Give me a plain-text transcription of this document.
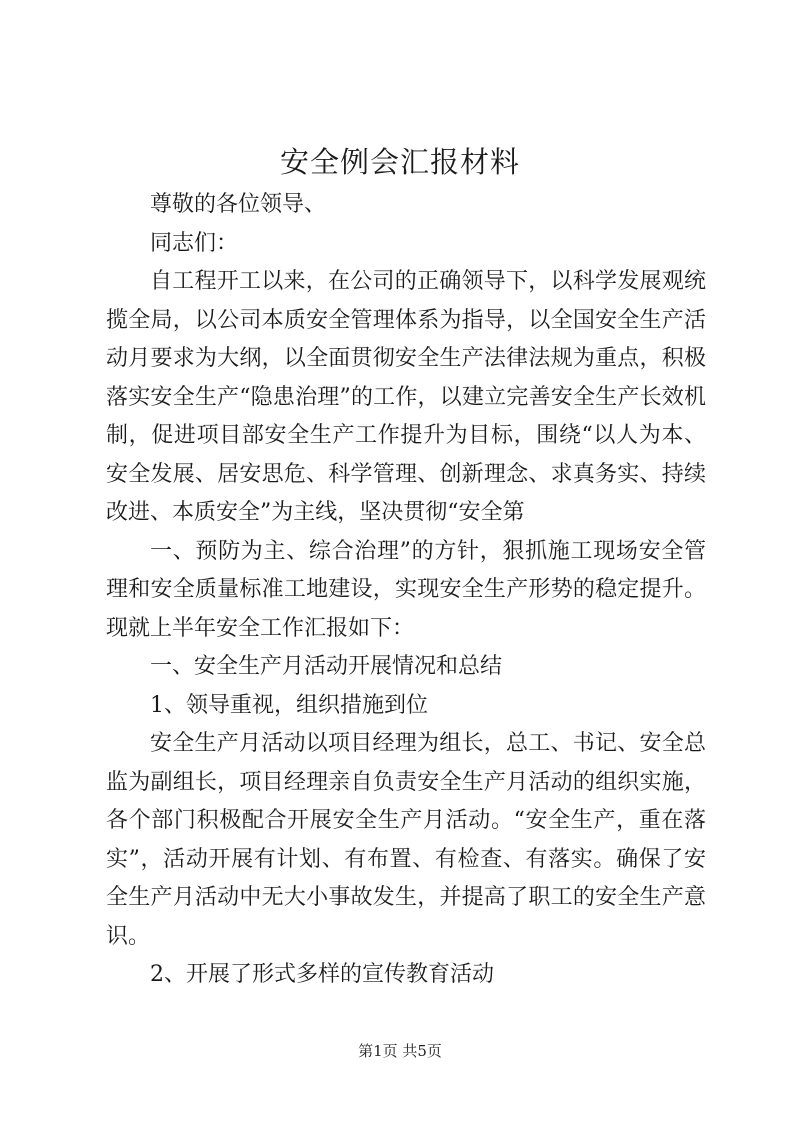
安全例会汇报材料

尊敬的各位领导、

同志们：

自工程开工以来，在公司的正确领导下，以科学发展观统揽全局，以公司本质安全管理体系为指导，以全国安全生产活动月要求为大纲，以全面贯彻安全生产法律法规为重点，积极落实安全生产“隐患治理”的工作，以建立完善安全生产长效机制，促进项目部安全生产工作提升为目标，围绕“以人为本、安全发展、居安思危、科学管理、创新理念、求真务实、持续改进、本质安全”为主线，坚决贯彻“安全第

一、预防为主、综合治理”的方针，狠抓施工现场安全管理和安全质量标准工地建设，实现安全生产形势的稳定提升。现就上半年安全工作汇报如下：

一、安全生产月活动开展情况和总结

1、领导重视，组织措施到位

安全生产月活动以项目经理为组长，总工、书记、安全总监为副组长，项目经理亲自负责安全生产月活动的组织实施，各个部门积极配合开展安全生产月活动。“安全生产，重在落实”，活动开展有计划、有布置、有检查、有落实。确保了安全生产月活动中无大小事故发生，并提高了职工的安全生产意识。

2、开展了形式多样的宣传教育活动

第1页 共5页
